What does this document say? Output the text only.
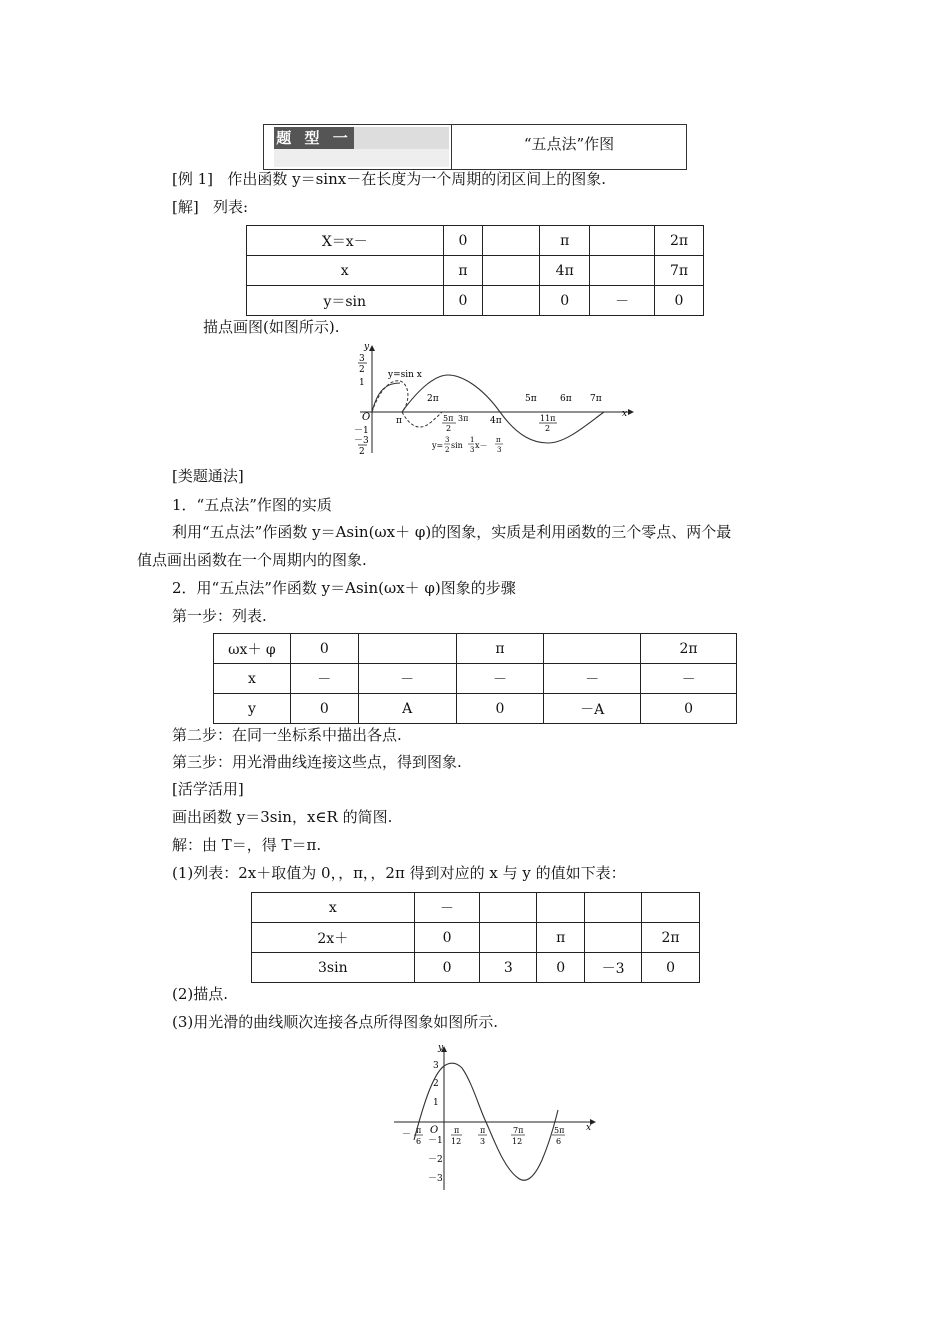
题 型 一	“五点法”作图
[例 1] 作出函数 y＝sinx－在长度为一个周期的闭区间上的图象.
[解] 列表:
X＝x－	0		π		2π
x	π		4π		7π
y＝sin	0		0	－	0
描点画图(如图所示).
y
x
O
3
2
1
－1
－3
2
y=sin x
2π	5π	6π 7π
π	4π
5π
2
3π	11π
2
y=
3
2 sin
1
3 x－
π
3
[类题通法]
1．“五点法”作图的实质
利用“五点法”作函数 y＝Asin(ωx＋ φ)的图象，实质是利用函数的三个零点、两个最
值点画出函数在一个周期内的图象.
2．用“五点法”作函数 y＝Asin(ωx＋ φ)图象的步骤
第一步：列表.
ωx＋ φ	0		π		2π
x	－	－	－	－	－
y	0	A	0	－A	0
第二步：在同一坐标系中描出各点.
第三步：用光滑曲线连接这些点，得到图象.
[活学活用]
画出函数 y＝3sin，x∈R 的简图.
解：由 T＝，得 T＝π.
(1)列表：2x＋取值为 0，，π，，2π 得到对应的 x 与 y 的值如下表：
x	－				
2x＋	0		π		2π
3sin	0	3	0	－3	0
(2)描点.
(3)用光滑的曲线顺次连接各点所得图象如图所示.
y
x
O
3
2
1
－1
－2
－3
－ π
6
π
12
π
3
7π
12
5π
6
